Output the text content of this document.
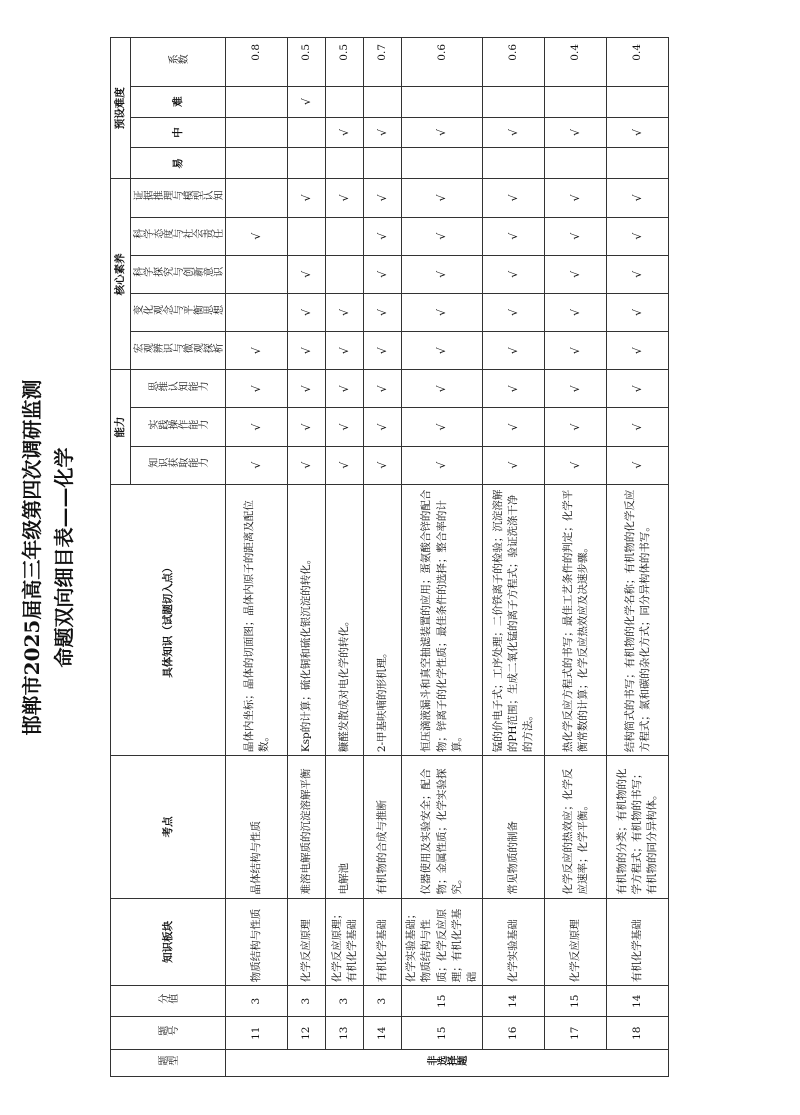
邯郸市2025届高三年级第四次调研监测 命题双向细目表——化学
题型	题号	分值	知识板块	考点	具体知识（试题切入点）	能力			核心素养					预设难度			

						知识获取能力	实践操作能力	思维认知能力	宏观辨识与微观探析	变化观念与平衡思想	科学探究与创新意识	科学态度与社会责任	证据推理与模型认知	易	中	难	系数

非选择题	11	3	物质结构与性质	晶体结构与性质	晶体内坐标；晶体的切面图；晶体内原子的距离及配位数。	√	√	√	√			√					0.8
	12	3	化学反应原理	难溶电解质的沉淀溶解平衡	Ksp的计算；硫化铜和硫化银沉淀的转化。	√	√	√	√	√	√		√			√	0.5
	13	3	化学反应原理；有机化学基础	电解池	糠醛发散成对电化学的转化。	√	√	√	√	√			√		√		0.5
	14	3	有机化学基础	有机物的合成与推断	2-甲基呋喃的形机理。	√	√	√	√	√	√	√	√		√		0.7
	15	15	化学实验基础；物质结构与性质；化学反应原理；有机化学基础	仪器使用及实验安全；配合物；金属性质；化学实验探究。	恒压滴液漏斗和真空抽滤装置的应用；蛋氨酸合锌的配合物；锌离子的化学性质；最佳条件的选择；整合率的计算。	√	√	√	√	√	√	√	√		√		0.6
	16	14	化学实验基础	常见物质的制备	锰的价电子式；工序处理；二价铁离子的检验；沉淀溶解的PH范围；生成二氧化锰的离子方程式；验证洗涤干净的方法。	√	√	√	√	√	√	√	√		√		0.6
	17	15	化学反应原理	化学反应的热效应；化学反应速率；化学平衡。	热化学反应方程式的书写；最佳工艺条件的判定；化学平衡常数的计算；化学反应热效应及决速步骤。	√	√	√	√	√	√	√	√		√		0.4
	18	14	有机化学基础	有机物的分类；有机物的化学方程式；有机物的书写；有机物的同分异构体。	结构简式的书写；有机物的化学名称；有机物的化学反应方程式；氮和碳的杂化方式；同分异构体的书写。	√	√	√	√	√	√	√	√		√		0.4
